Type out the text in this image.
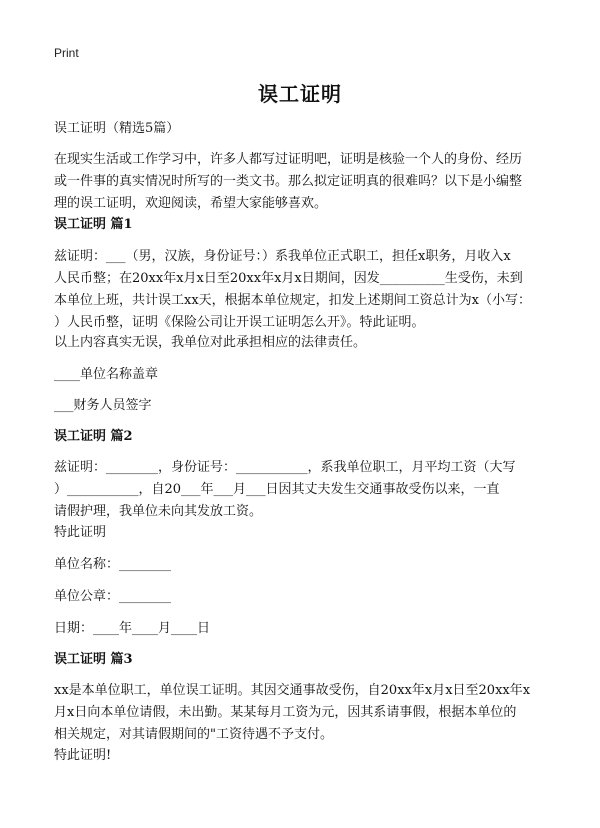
Print
误工证明
误工证明（精选5篇）
在现实生活或工作学习中，许多人都写过证明吧，证明是核验一个人的身份、经历
或一件事的真实情况时所写的一类文书。那么拟定证明真的很难吗？以下是小编整
理的误工证明，欢迎阅读，希望大家能够喜欢。
误工证明 篇1
兹证明：___（男，汉族，身份证号：）系我单位正式职工，担任x职务，月收入x
人民币整；在20xx年x月x日至20xx年x月x日期间，因发__________生受伤，未到
本单位上班，共计误工xx天，根据本单位规定，扣发上述期间工资总计为x（小写：
）人民币整，证明《保险公司让开误工证明怎么开》。特此证明。
以上内容真实无误，我单位对此承担相应的法律责任。
____单位名称盖章
___财务人员签字
误工证明 篇2
兹证明：________，身份证号：___________，系我单位职工，月平均工资（大写
）___________，自20___年___月___日因其丈夫发生交通事故受伤以来，一直
请假护理，我单位未向其发放工资。
特此证明
单位名称：________
单位公章：________
日期：____年____月____日
误工证明 篇3
xx是本单位职工，单位误工证明。其因交通事故受伤，自20xx年x月x日至20xx年x
月x日向本单位请假，未出勤。某某每月工资为元，因其系请事假，根据本单位的
相关规定，对其请假期间的"工资待遇不予支付。
特此证明!
